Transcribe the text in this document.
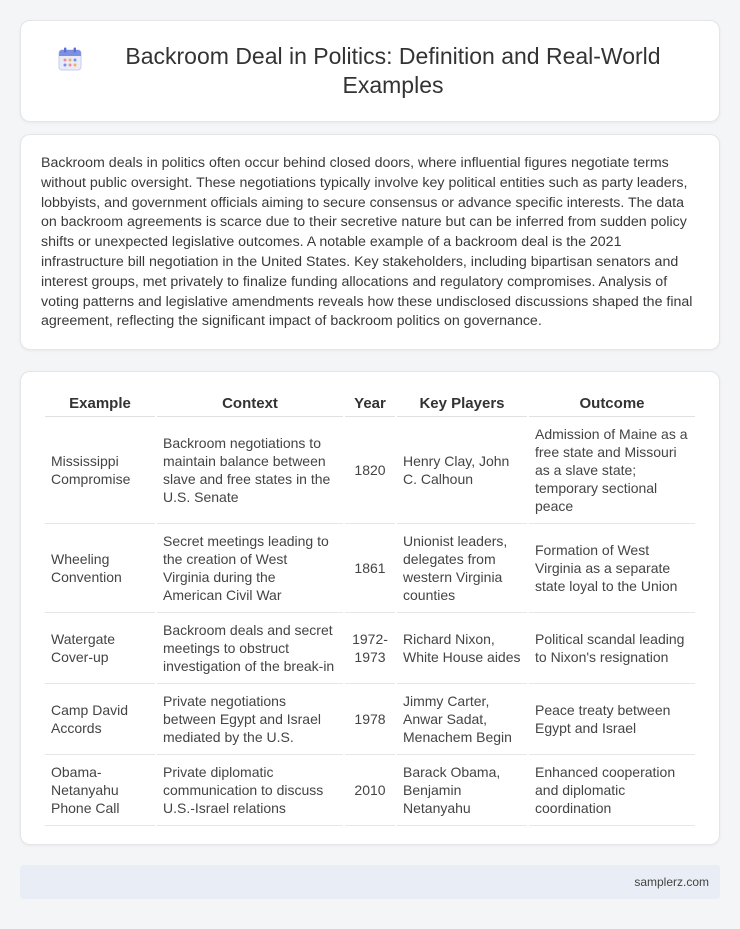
Backroom Deal in Politics: Definition and Real-World Examples

Backroom deals in politics often occur behind closed doors, where influential figures negotiate terms without public oversight. These negotiations typically involve key political entities such as party leaders, lobbyists, and government officials aiming to secure consensus or advance specific interests. The data on backroom agreements is scarce due to their secretive nature but can be inferred from sudden policy shifts or unexpected legislative outcomes. A notable example of a backroom deal is the 2021 infrastructure bill negotiation in the United States. Key stakeholders, including bipartisan senators and interest groups, met privately to finalize funding allocations and regulatory compromises. Analysis of voting patterns and legislative amendments reveals how these undisclosed discussions shaped the final agreement, reflecting the significant impact of backroom politics on governance.

Example	Context	Year	Key Players	Outcome
Mississippi Compromise	Backroom negotiations to maintain balance between slave and free states in the U.S. Senate	1820	Henry Clay, John C. Calhoun	Admission of Maine as a free state and Missouri as a slave state; temporary sectional peace
Wheeling Convention	Secret meetings leading to the creation of West Virginia during the American Civil War	1861	Unionist leaders, delegates from western Virginia counties	Formation of West Virginia as a separate state loyal to the Union
Watergate Cover-up	Backroom deals and secret meetings to obstruct investigation of the break-in	1972-1973	Richard Nixon, White House aides	Political scandal leading to Nixon's resignation
Camp David Accords	Private negotiations between Egypt and Israel mediated by the U.S.	1978	Jimmy Carter, Anwar Sadat, Menachem Begin	Peace treaty between Egypt and Israel
Obama-Netanyahu Phone Call	Private diplomatic communication to discuss U.S.-Israel relations	2010	Barack Obama, Benjamin Netanyahu	Enhanced cooperation and diplomatic coordination
samplerz.com
